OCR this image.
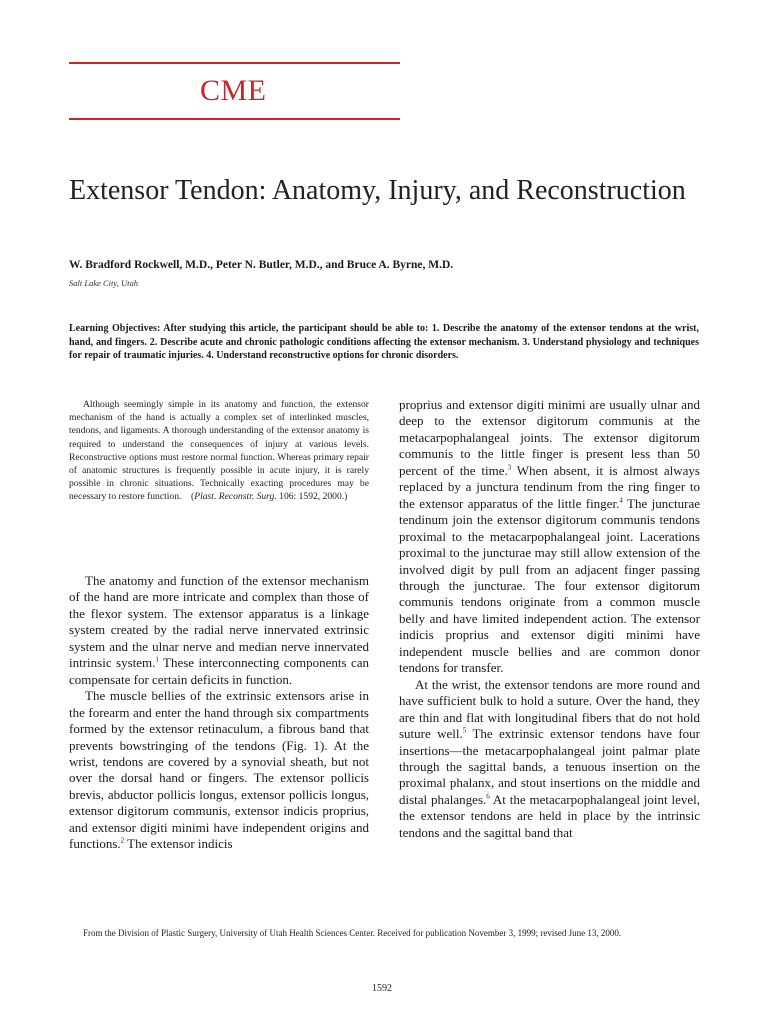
CME
Extensor Tendon: Anatomy, Injury, and Reconstruction
W. Bradford Rockwell, M.D., Peter N. Butler, M.D., and Bruce A. Byrne, M.D.
Salt Lake City, Utah

Learning Objectives: After studying this article, the participant should be able to: 1. Describe the anatomy of the extensor tendons at the wrist, hand, and fingers. 2. Describe acute and chronic pathologic conditions affecting the extensor mechanism. 3. Understand physiology and techniques for repair of traumatic injuries. 4. Understand reconstructive options for chronic disorders.

Although seemingly simple in its anatomy and function, the extensor mechanism of the hand is actually a complex set of interlinked muscles, tendons, and ligaments. A thorough understanding of the extensor anatomy is required to understand the consequences of injury at various levels. Reconstructive options must restore normal function. Whereas primary repair of anatomic structures is frequently possible in acute injury, it is rarely possible in chronic situations. Technically exacting procedures may be necessary to restore function. (Plast. Reconstr. Surg. 106: 1592, 2000.)

The anatomy and function of the extensor mechanism of the hand are more intricate and complex than those of the flexor system. The extensor apparatus is a linkage system created by the radial nerve innervated extrinsic system and the ulnar nerve and median nerve innervated intrinsic system.$^1$ These interconnecting components can compensate for certain deficits in function.

The muscle bellies of the extrinsic extensors arise in the forearm and enter the hand through six compartments formed by the extensor retinaculum, a fibrous band that prevents bowstringing of the tendons (Fig. 1). At the wrist, tendons are covered by a synovial sheath, but not over the dorsal hand or fingers. The extensor pollicis brevis, abductor pollicis longus, extensor pollicis longus, extensor digitorum communis, extensor indicis proprius, and extensor digiti minimi have independent origins and functions.$^2$ The extensor indicis

proprius and extensor digiti minimi are usually ulnar and deep to the extensor digitorum communis at the metacarpophalangeal joints. The extensor digitorum communis to the little finger is present less than 50 percent of the time.$^3$ When absent, it is almost always replaced by a junctura tendinum from the ring finger to the extensor apparatus of the little finger.$^4$ The juncturae tendinum join the extensor digitorum communis tendons proximal to the metacarpophalangeal joint. Lacerations proximal to the juncturae may still allow extension of the involved digit by pull from an adjacent finger passing through the juncturae. The four extensor digitorum communis tendons originate from a common muscle belly and have limited independent action. The extensor indicis proprius and extensor digiti minimi have independent muscle bellies and are common donor tendons for transfer.

At the wrist, the extensor tendons are more round and have sufficient bulk to hold a suture. Over the hand, they are thin and flat with longitudinal fibers that do not hold suture well.$^5$ The extrinsic extensor tendons have four insertions—the metacarpophalangeal joint palmar plate through the sagittal bands, a tenuous insertion on the proximal phalanx, and stout insertions on the middle and distal phalanges.$^6$ At the metacarpophalangeal joint level, the extensor tendons are held in place by the intrinsic tendons and the sagittal band that

From the Division of Plastic Surgery, University of Utah Health Sciences Center. Received for publication November 3, 1999; revised June 13, 2000.

1592
